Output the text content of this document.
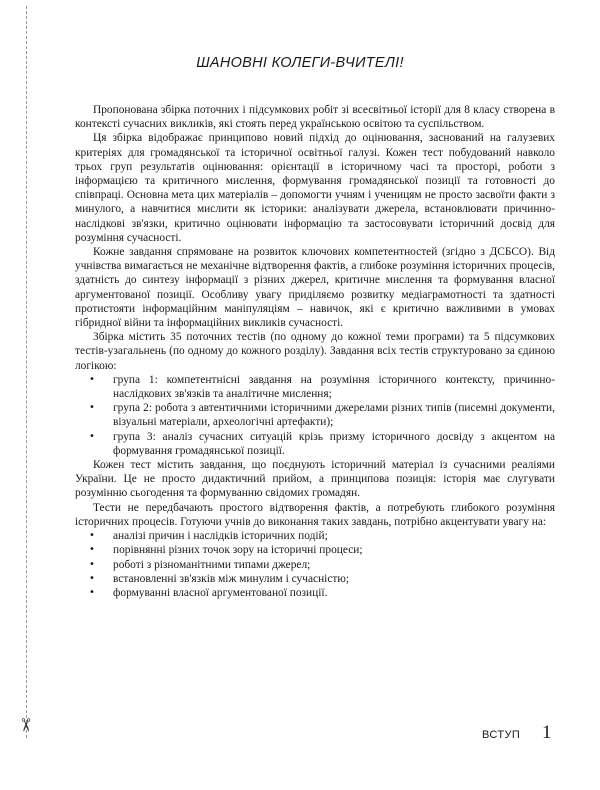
✂
ШАНОВНІ КОЛЕГИ-ВЧИТЕЛІ!

Пропонована збірка поточних і підсумкових робіт зі всесвітньої історії для 8 класу створена в контексті сучасних викликів, які стоять перед українською освітою та суспільством.

Ця збірка відображає принципово новий підхід до оцінювання, заснований на галузевих критеріях для громадянської та історичної освітньої галузі. Кожен тест побудований навколо трьох груп результатів оцінювання: орієнтації в історичному часі та просторі, роботи з інформацією та критичного мислення, формування громадянської позиції та готовності до співпраці. Основна мета цих матеріалів – допомогти учням і ученицям не просто засвоїти факти з минулого, а навчитися мислити як історики: аналізувати джерела, встановлювати причинно-наслідкові зв'язки, критично оцінювати інформацію та застосовувати історичний досвід для розуміння сучасності.

Кожне завдання спрямоване на розвиток ключових компетентностей (згідно з ДСБСО). Від учнівства вимагається не механічне відтворення фактів, а глибоке розуміння історичних процесів, здатність до синтезу інформації з різних джерел, критичне мислення та формування власної аргументованої позиції. Особливу увагу приділяємо розвитку медіаграмотності та здатності протистояти інформаційним маніпуляціям – навичок, які є критично важливими в умовах гібридної війни та інформаційних викликів сучасності.

Збірка містить 35 поточних тестів (по одному до кожної теми програми) та 5 підсумкових тестів-узагальнень (по одному до кожного розділу). Завдання всіх тестів структуровано за єдиною логікою:

• група 1: компетентнісні завдання на розуміння історичного контексту, причинно-наслідкових зв'язків та аналітичне мислення;
• група 2: робота з автентичними історичними джерелами різних типів (писемні документи, візуальні матеріали, археологічні артефакти);
• група 3: аналіз сучасних ситуацій крізь призму історичного досвіду з акцентом на формування громадянської позиції.

Кожен тест містить завдання, що поєднують історичний матеріал із сучасними реаліями України. Це не просто дидактичний прийом, а принципова позиція: історія має слугувати розумінню сьогодення та формуванню свідомих громадян.

Тести не передбачають простого відтворення фактів, а потребують глибокого розуміння історичних процесів. Готуючи учнів до виконання таких завдань, потрібно акцентувати увагу на:

• аналізі причин і наслідків історичних подій;
• порівнянні різних точок зору на історичні процеси;
• роботі з різноманітними типами джерел;
• встановленні зв'язків між минулим і сучасністю;
• формуванні власної аргументованої позиції.
ВСТУП 1
